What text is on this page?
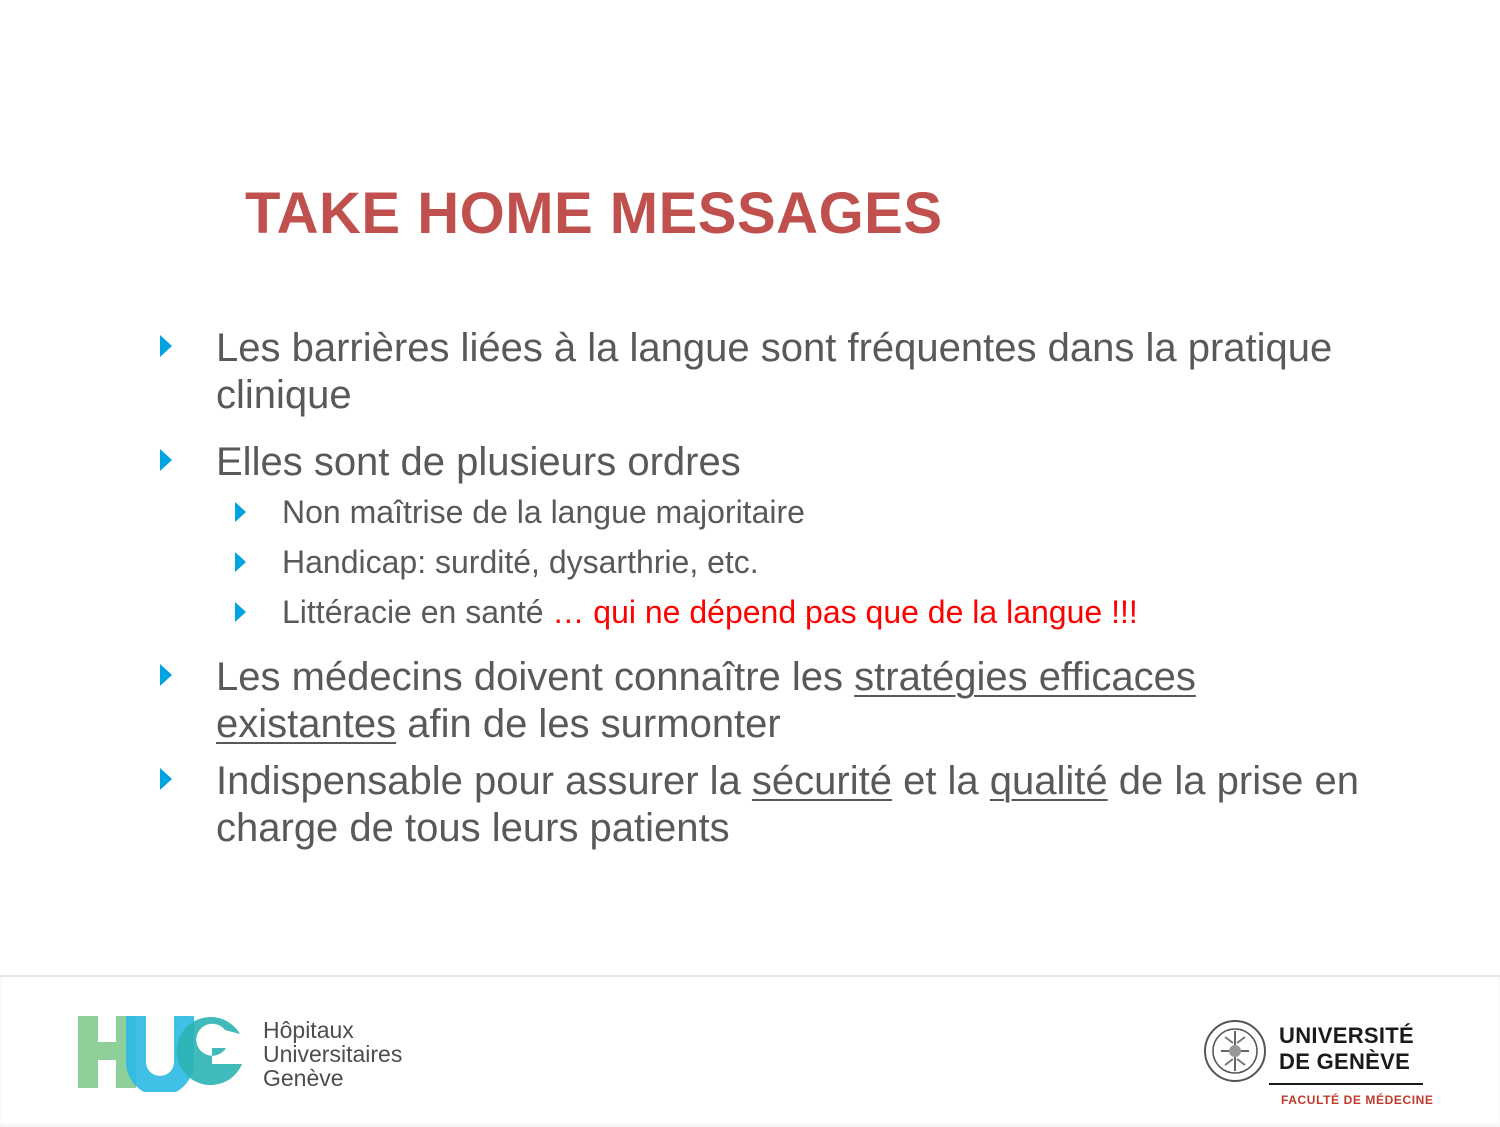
TAKE HOME MESSAGES
Les barrières liées à la langue sont fréquentes dans la pratique clinique
Elles sont de plusieurs ordres
Non maîtrise de la langue majoritaire
Handicap: surdité, dysarthrie, etc.
Littéracie en santé … qui ne dépend pas que de la langue !!!
Les médecins doivent connaître les stratégies efficaces existantes afin de les surmonter
Indispensable pour assurer la sécurité et la qualité de la prise en charge de tous leurs patients
Hôpitaux
Universitaires
Genève
UNIVERSITÉ
DE GENÈVE
FACULTÉ DE MÉDECINE
